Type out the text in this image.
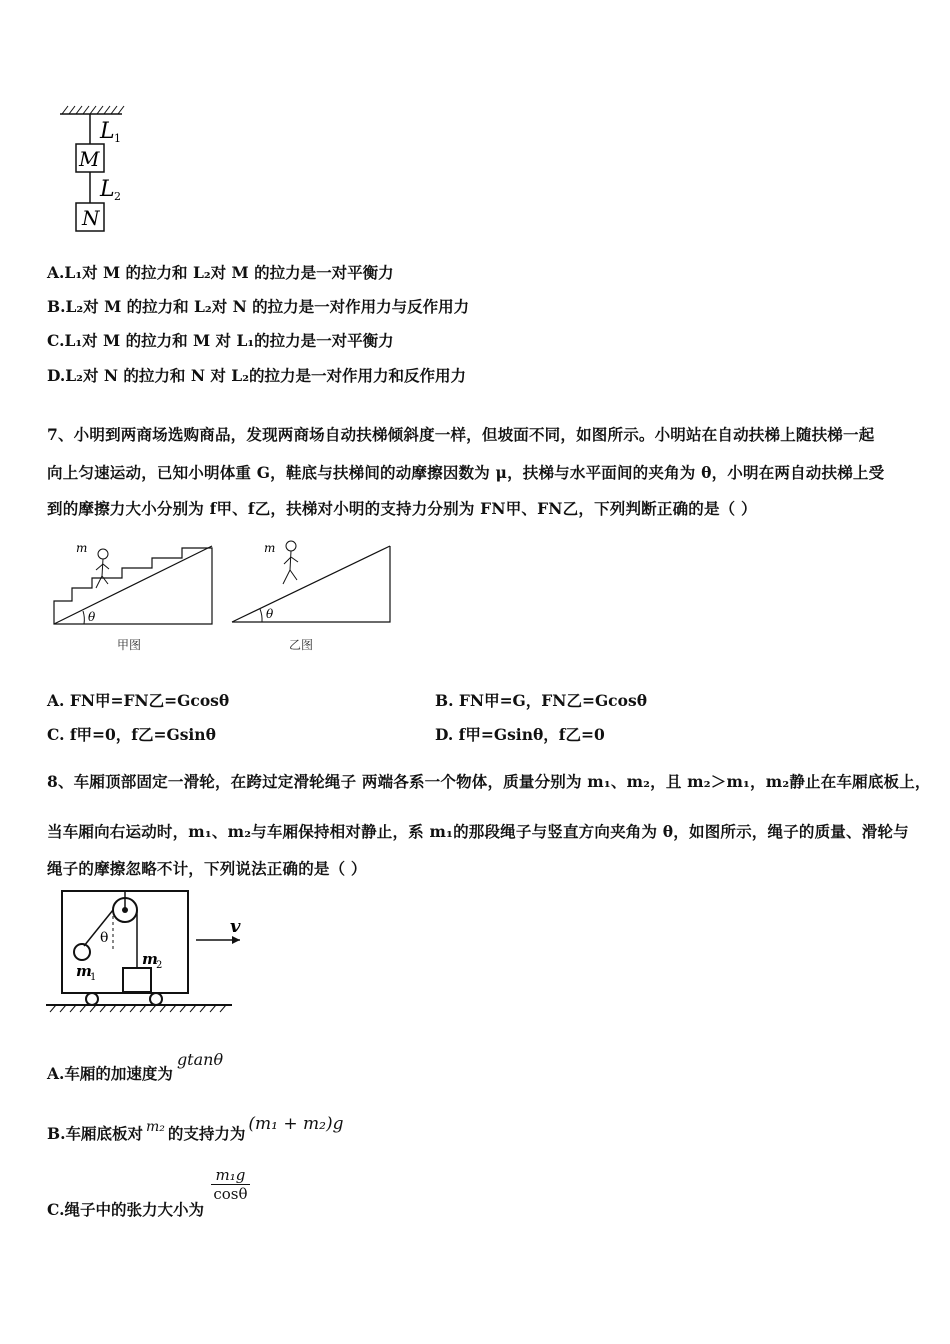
L 1
M
L 2
N
A.L₁对 M 的拉力和 L₂对 M 的拉力是一对平衡力
B.L₂对 M 的拉力和 L₂对 N 的拉力是一对作用力与反作用力
C.L₁对 M 的拉力和 M 对 L₁的拉力是一对平衡力
D.L₂对 N 的拉力和 N 对 L₂的拉力是一对作用力和反作用力
7、小明到两商场选购商品，发现两商场自动扶梯倾斜度一样，但坡面不同，如图所示。小明站在自动扶梯上随扶梯一起
向上匀速运动，已知小明体重 G，鞋底与扶梯间的动摩擦因数为 μ，扶梯与水平面间的夹角为 θ，小明在两自动扶梯上受
到的摩擦力大小分别为 f甲、f乙，扶梯对小明的支持力分别为 FN甲、FN乙，下列判断正确的是（ ）
θ
m
甲图
θ
m
乙图
A. FN甲=FN乙=Gcosθ	B. FN甲=G，FN乙=Gcosθ
C. f甲=0，f乙=Gsinθ	D. f甲=Gsinθ，f乙=0
8、车厢顶部固定一滑轮，在跨过定滑轮绳子 两端各系一个物体，质量分别为 m₁、m₂，且 m₂＞m₁，m₂静止在车厢底板上，
当车厢向右运动时，m₁、m₂与车厢保持相对静止，系 m₁的那段绳子与竖直方向夹角为 θ，如图所示，绳子的质量、滑轮与
绳子的摩擦忽略不计，下列说法正确的是（ ）
θ
m
1
m
2
v
A.车厢的加速度为gtanθ
B.车厢底板对 m₂ 的支持力为 (m₁ + m₂)g
C.绳子中的张力大小为
$\frac{\text{m₁g}}{\cos\theta}$
